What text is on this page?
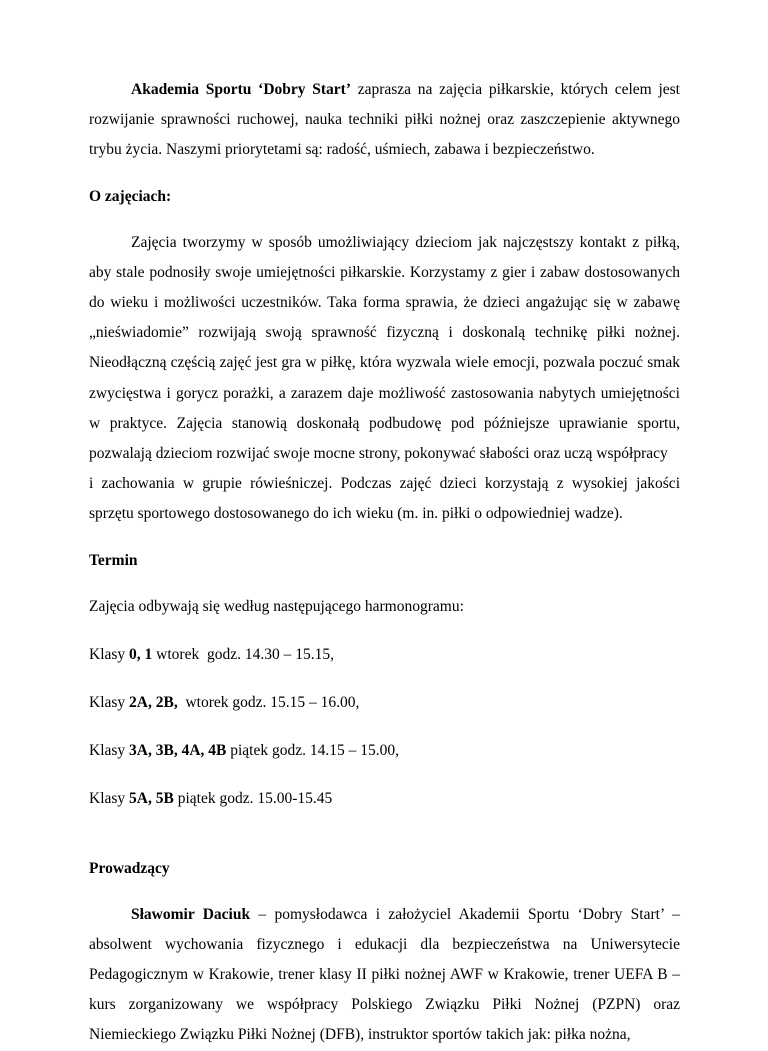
Akademia Sportu ‘Dobry Start’ zaprasza na zajęcia piłkarskie, których celem jest rozwijanie sprawności ruchowej, nauka techniki piłki nożnej oraz zaszczepienie aktywnego trybu życia. Naszymi priorytetami są: radość, uśmiech, zabawa i bezpieczeństwo.

O zajęciach:

Zajęcia tworzymy w sposób umożliwiający dzieciom jak najczęstszy kontakt z piłką, aby stale podnosiły swoje umiejętności piłkarskie. Korzystamy z gier i zabaw dostosowanych do wieku i możliwości uczestników. Taka forma sprawia, że dzieci angażując się w zabawę „nieświadomie” rozwijają swoją sprawność fizyczną i doskonalą technikę piłki nożnej. Nieodłączną częścią zajęć jest gra w piłkę, która wyzwala wiele emocji, pozwala poczuć smak zwycięstwa i gorycz porażki, a zarazem daje możliwość zastosowania nabytych umiejętności w praktyce. Zajęcia stanowią doskonałą podbudowę pod późniejsze uprawianie sportu, pozwalają dzieciom rozwijać swoje mocne strony, pokonywać słabości oraz uczą współpracy

i zachowania w grupie rówieśniczej. Podczas zajęć dzieci korzystają z wysokiej jakości sprzętu sportowego dostosowanego do ich wieku (m. in. piłki o odpowiedniej wadze).

Termin

Zajęcia odbywają się według następującego harmonogramu:

Klasy 0, 1 wtorek  godz. 14.30 – 15.15,

Klasy 2A, 2B,  wtorek godz. 15.15 – 16.00,

Klasy 3A, 3B, 4A, 4B piątek godz. 14.15 – 15.00,

Klasy 5A, 5B piątek godz. 15.00-15.45

Prowadzący

Sławomir Daciuk – pomysłodawca i założyciel Akademii Sportu ‘Dobry Start’ – absolwent wychowania fizycznego i edukacji dla bezpieczeństwa na Uniwersytecie Pedagogicznym w Krakowie, trener klasy II piłki nożnej AWF w Krakowie, trener UEFA B – kurs zorganizowany we współpracy Polskiego Związku Piłki Nożnej (PZPN) oraz Niemieckiego Związku Piłki Nożnej (DFB), instruktor sportów takich jak: piłka nożna,
